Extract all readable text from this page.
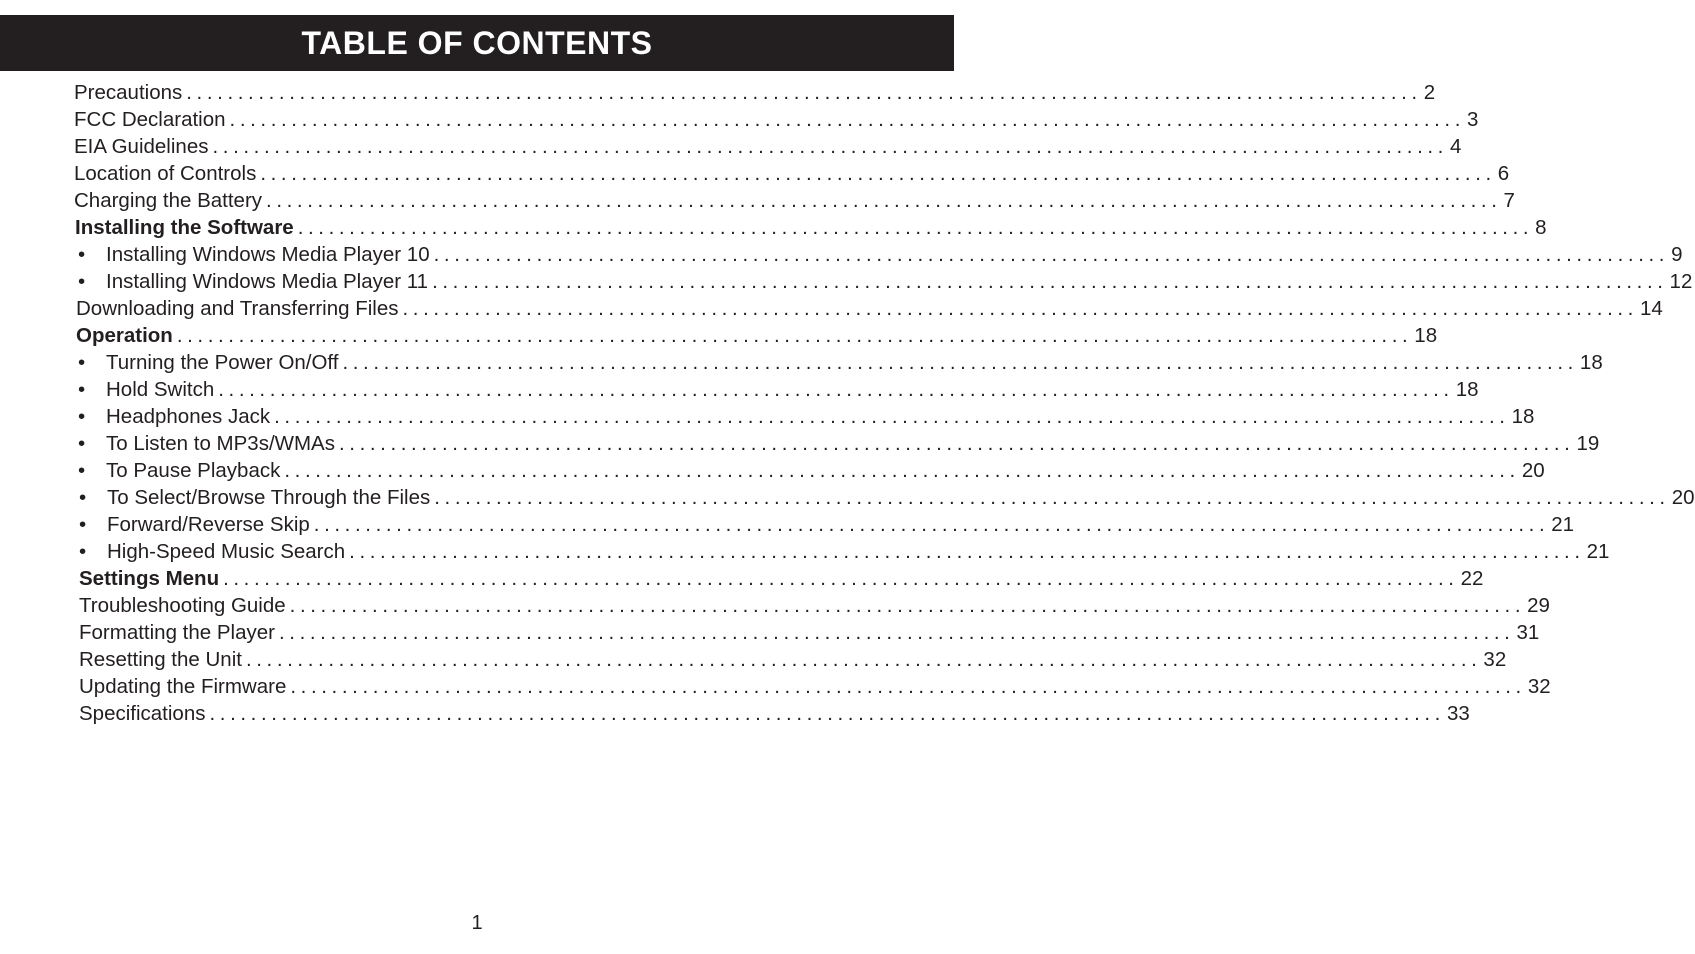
TABLE OF CONTENTS
Precautions ........................................................................................................................ 2
FCC Declaration ........................................................................................................................ 3
EIA Guidelines ........................................................................................................................ 4
Location of Controls ........................................................................................................................ 6
Charging the Battery ........................................................................................................................ 7
Installing the Software ........................................................................................................................ 8
•	Installing Windows Media Player 10 ........................................................................................................................ 9
•	Installing Windows Media Player 11 ........................................................................................................................ 12
Downloading and Transferring Files ........................................................................................................................ 14
Operation ........................................................................................................................ 18
•	Turning the Power On/Off ........................................................................................................................ 18
•	Hold Switch ........................................................................................................................ 18
•	Headphones Jack ........................................................................................................................ 18
•	To Listen to MP3s/WMAs ........................................................................................................................ 19
•	To Pause Playback ........................................................................................................................ 20
•	To Select/Browse Through the Files ........................................................................................................................ 20
•	Forward/Reverse Skip ........................................................................................................................ 21
•	High-Speed Music Search ........................................................................................................................ 21
Settings Menu ........................................................................................................................ 22
Troubleshooting Guide ........................................................................................................................ 29
Formatting the Player ........................................................................................................................ 31
Resetting the Unit ........................................................................................................................ 32
Updating the Firmware ........................................................................................................................ 32
Specifications ........................................................................................................................ 33
1
